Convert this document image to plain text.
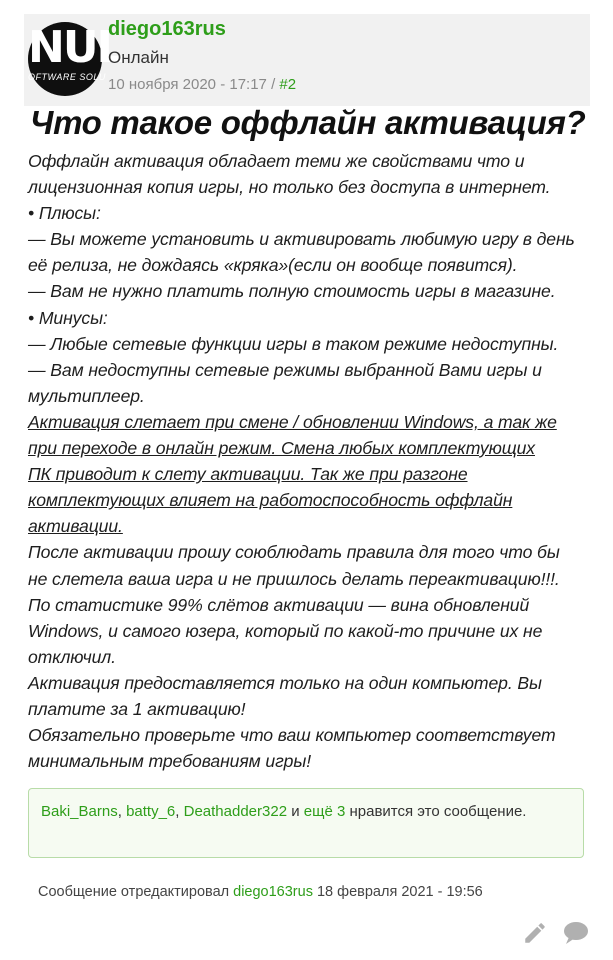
NUL
OFTWARE SOLU
diego163rus
Онлайн
10 ноября 2020 - 17:17 / #2
Что такое оффлайн активация?
Оффлайн активация обладает теми же свойствами что и
лицензионная копия игры, но только без доступа в интернет.
• Плюсы:
— Вы можете установить и активировать любимую игру в день
её релиза, не дождаясь «кряка»(если он вообще появится).
— Вам не нужно платить полную стоимость игры в магазине.
• Минусы:
— Любые сетевые функции игры в таком режиме недоступны.
— Вам недоступны сетевые режимы выбранной Вами игры и
мультиплеер.
Активация слетает при смене / обновлении Windows, а так же
при переходе в онлайн режим. Смена любых комплектующих
ПК приводит к слету активации. Так же при разгоне
комплектующих влияет на работоспособность оффлайн
активации.
После активации прошу союблюдать правила для того что бы
не слетела ваша игра и не пришлось делать переактивацию!!!.
По статистике 99% слётов активации — вина обновлений
Windows, и самого юзера, который по какой-то причине их не
отключил.
Активация предоставляется только на один компьютер. Вы
платите за 1 активацию!
Обязательно проверьте что ваш компьютер соответствует
минимальным требованиям игры!
Baki_Barns, batty_6, Deathadder322 и ещё 3 нравится это сообщение.
Сообщение отредактировал diego163rus 18 февраля 2021 - 19:56
